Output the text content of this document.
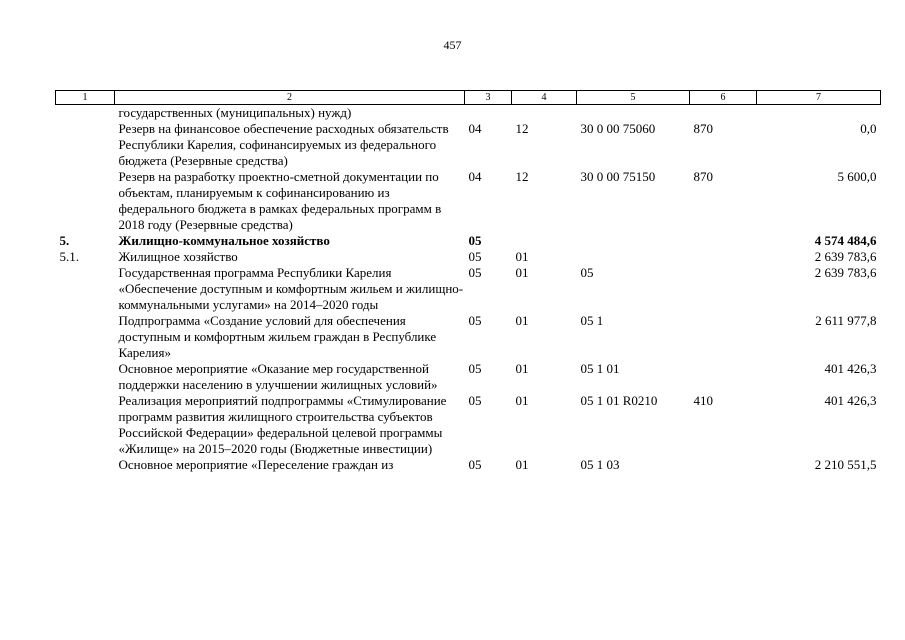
457
1	2	3	4	5	6	7
	государственных (муниципальных) нужд)					
	Резерв на финансовое обеспечение расходных обязательств Республики Карелия, софинансируемых из федерального бюджета (Резервные средства)	04	12	30 0 00 75060	870	0,0
	Резерв на разработку проектно-сметной документации по объектам, планируемым к софинансированию из федерального бюджета в рамках федеральных программ в 2018 году (Резервные средства)	04	12	30 0 00 75150	870	5 600,0
5.	Жилищно-коммунальное хозяйство	05				4 574 484,6
5.1.	Жилищное хозяйство	05	01			2 639 783,6
	Государственная программа Республики Карелия «Обеспечение доступным и комфортным жильем и жилищно-коммунальными услугами» на 2014–2020 годы	05	01	05		2 639 783,6
	Подпрограмма «Создание условий для обеспечения доступным и комфортным жильем граждан в Республике Карелия»	05	01	05 1		2 611 977,8
	Основное мероприятие «Оказание мер государственной поддержки населению в улучшении жилищных условий»	05	01	05 1 01		401 426,3
	Реализация мероприятий подпрограммы «Стимулирование программ развития жилищного строительства субъектов Российской Федерации» федеральной целевой программы «Жилище» на 2015–2020 годы (Бюджетные инвестиции)	05	01	05 1 01 R0210	410	401 426,3
	Основное мероприятие «Переселение граждан из	05	01	05 1 03		2 210 551,5
